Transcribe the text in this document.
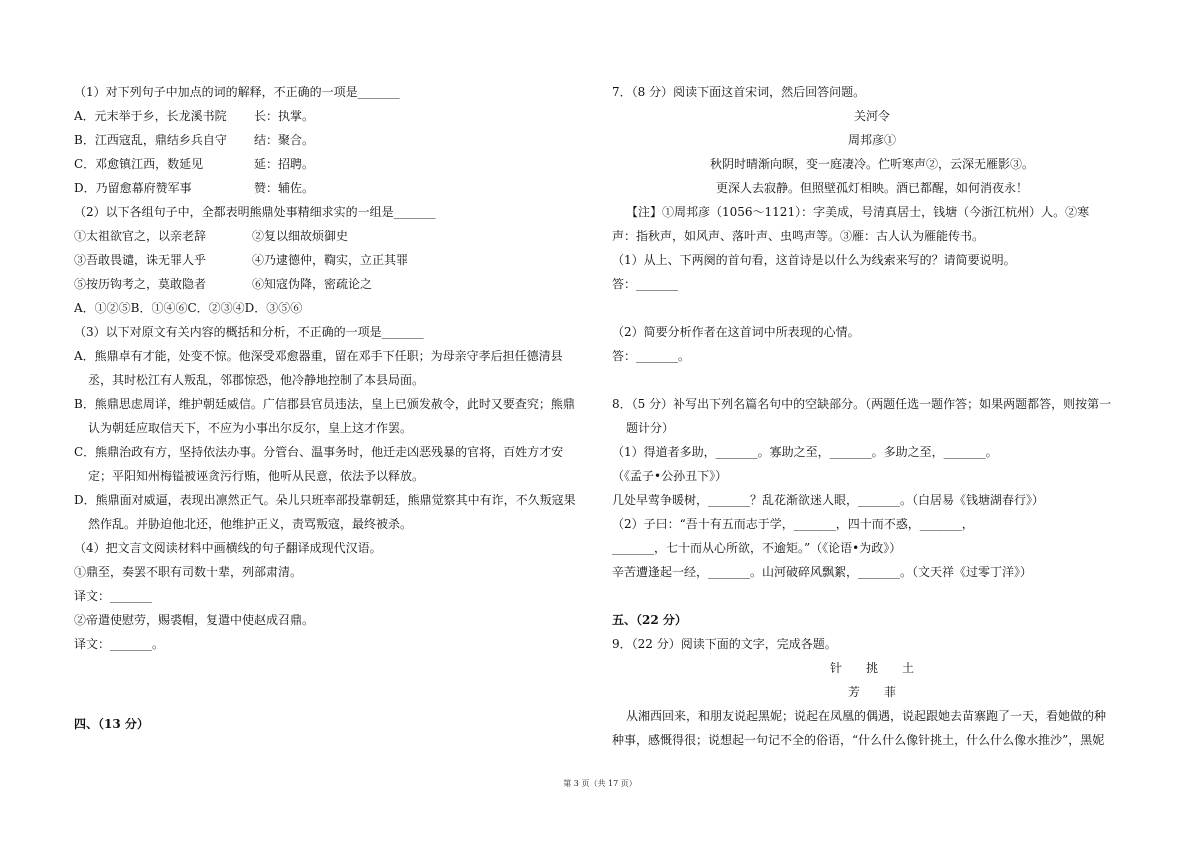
（1）对下列句子中加点的词的解释，不正确的一项是_______
A．元末举于乡，长龙溪书院	长：执掌。
B．江西寇乱，鼎结乡兵自守	结：聚合。
C．邓愈镇江西，数延见	延：招聘。
D．乃留愈幕府赞军事	赞：辅佐。
（2）以下各组句子中，全都表明熊鼎处事精细求实的一组是_______
①太祖欲官之，以亲老辞	②复以细故烦御史
③吾敢畏谴，诛无罪人乎	④乃逮德仲，鞫实，立正其罪
⑤按历钩考之，莫敢隐者	⑥知寇伪降，密疏论之
A．①②⑤B．①④⑥C．②③④D．③⑤⑥
（3）以下对原文有关内容的概括和分析，不正确的一项是_______
A．熊鼎卓有才能，处变不惊。他深受邓愈器重，留在邓手下任职；为母亲守孝后担任德清县
丞，其时松江有人叛乱，邻郡惊恐，他冷静地控制了本县局面。
B．熊鼎思虑周详，维护朝廷威信。广信郡县官员违法，皇上已颁发赦令，此时又要查究；熊鼎
认为朝廷应取信天下，不应为小事出尔反尔，皇上这才作罢。
C．熊鼎治政有方，坚持依法办事。分管台、温事务时，他迁走凶恶残暴的官将，百姓方才安
定；平阳知州梅镒被诬贪污行贿，他听从民意，依法予以释放。
D．熊鼎面对威逼，表现出凛然正气。朵儿只班率部投靠朝廷，熊鼎觉察其中有诈，不久叛寇果
然作乱。并胁迫他北还，他维护正义，责骂叛寇，最终被杀。
（4）把文言文阅读材料中画横线的句子翻译成现代汉语。
①鼎至，奏罢不职有司数十辈，列部肃清。
译文：_______
②帝遣使慰劳，赐裘帽，复遣中使赵成召鼎。
译文：_______。
四、（13 分）
7．（8 分）阅读下面这首宋词，然后回答问题。
关河令
周邦彦①
秋阴时晴渐向暝，变一庭凄冷。伫听寒声②，云深无雁影③。
更深人去寂静。但照壁孤灯相映。酒已都醒，如何消夜永！
【注】①周邦彦（1056～1121）：字美成，号清真居士，钱塘（今浙江杭州）人。②寒
声：指秋声，如风声、落叶声、虫鸣声等。③雁：古人认为雁能传书。
（1）从上、下两阕的首句看，这首诗是以什么为线索来写的？请简要说明。
答：_______
（2）简要分析作者在这首词中所表现的心情。
答：_______。
8．（5 分）补写出下列名篇名句中的空缺部分。（两题任选一题作答；如果两题都答，则按第一
题计分）
（1）得道者多助，_______。寡助之至，_______。多助之至，_______。
（《孟子•公孙丑下》）
几处早莺争暖树，_______？乱花渐欲迷人眼，_______。（白居易《钱塘湖春行》）
（2）子曰：“吾十有五而志于学，_______，四十而不惑，_______，
_______，七十而从心所欲，不逾矩。”（《论语•为政》）
辛苦遭逢起一经，_______。山河破碎风飘絮，_______。（文天祥《过零丁洋》）
五、（22 分）
9．（22 分）阅读下面的文字，完成各题。
针　　挑　　土
芳　　菲
从湘西回来，和朋友说起黑妮；说起在凤凰的偶遇，说起跟她去苗寨跑了一天，看她做的种
种事，感慨得很；说想起一句记不全的俗语，“什么什么像针挑土，什么什么像水推沙”，黑妮
第 3 页（共 17 页）
